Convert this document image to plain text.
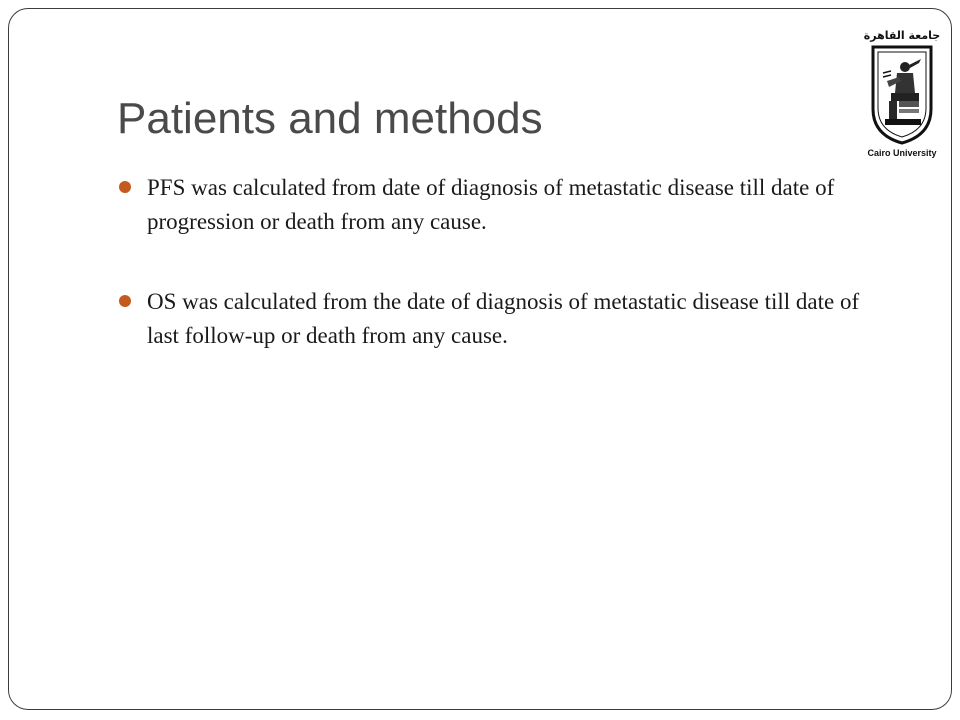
Patients and methods
PFS was calculated from date of diagnosis of metastatic disease till date of progression or death from any cause.
OS was calculated from the date of diagnosis of metastatic disease till date of last follow-up or death from any cause.
جامعة القاهرة
Cairo University
